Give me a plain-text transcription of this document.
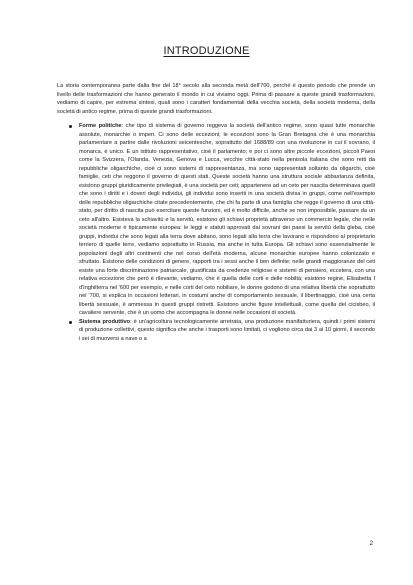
INTRODUZIONE

La storia contemporanea parte dalla fine del 18° secolo alla seconda metà dell'700, perché è questo periodo che prende un livello delle trasformazioni che hanno generato il mondo in cui viviamo oggi. Prima di passare a queste grandi trasformazioni, vediamo di capire, per estrema sintesi, quali sono i caratteri fondamentali della vecchia società, della società moderna, della società di antico regime, prima di queste grandi trasformazioni.

Forme politiche: che tipo di sistema di governo reggeva la società dell'antico regime, sono quasi tutte monarchie assolute, monarchie o imperi. Ci sono delle eccezioni; le eccezioni sono la Gran Bretagna che è una monarchia parlamentare a partire dalle rivoluzioni seicentesche, soprattutto del 1688/89 con una rivoluzione in cui il sovrano, il monarca, è unico. E un istituto rappresentativo, cioè il parlamento; e poi ci sono altre piccole eccezioni, piccoli Paesi come la Svizzera, l'Olanda, Venezia, Genova e Lucca, vecchie città-stato nella penisola italiana che sono retti da repubbliche oligarchiche, cioè ci sono sistemi di rappresentanza, ma sono rappresentati soltanto da oligarchi, cioè famiglie, ceti che reggono il governo di questi stati. Queste società hanno una struttura sociale abbastanza definita, esistono gruppi giuridicamente privilegiati, è una società per ceti; appartenere ad un ceto per nascita determinava quelli che sono i diritti e i doveri degli individui, gli individui sono inseriti in una società divisa in gruppi, come nell'esempio delle repubbliche oligarchiche citate precedentemente, che chi fa parte di una famiglia che regge il governo di una città-stato, per diritto di nascita può esercitare queste funzioni, ed è molto difficile, anche se non impossibile, passare da un ceto all'altro. Esisteva la schiavitù e la servitù, esistono gli schiavi proprietà attraverso un commercio legale, che nelle società moderne è tipicamente europea: le leggi e statuti approvati dai sovrani dei paesi la servitù della gleba, cioè gruppi, individui che sono legati alla terra dove abitano, sono legati alla terra che lavorano e rispondono al proprietario terriero di quelle terre, vediamo soprattutto in Russia, ma anche in tutta Europa. Gli schiavi sono essenzialmente le popolazioni degli altri continenti che nel corso dell'età moderna, alcune monarchie europee hanno colonizzato e sfruttato. Esistono delle condizioni di genere, rapporti tra i sessi anche il ben definite; nelle grandi maggioranze del ceti esiste una forte discriminazione patriarcale, giustificata da credenze religiose e sistemi di pensiero, eccetera, con una relativa eccezione che però è rilevante, vediamo, che è quella delle corti e delle nobiltà; esistono regine, Elisabetta I d'Inghilterra nel '600 per esempio, e nelle corti del ceto nobiliare, le donne godono di una relativa libertà che soprattutto nel '700, si esplica in occasioni letterari, in costumi anche di comportamento sessuale, il libertinaggio, cioè una certa libertà sessuale, è ammessa in questi gruppi ristretti. Esistono anche figure intellettuali, come quella del cicisbeo, il cavaliere servente, che è un uomo che accompagna le donne nelle occasioni di società.
Sistema produttivo: è un'agricoltura tecnologicamente arretrata, una produzione manifatturiera, quindi i primi sistemi di produzione collettivi, questo significa che anche i trasporti sono limitati, ci vogliono circa dai 3 ai 10 giorni, il secondo i sei di muoversi a nave o a
2
